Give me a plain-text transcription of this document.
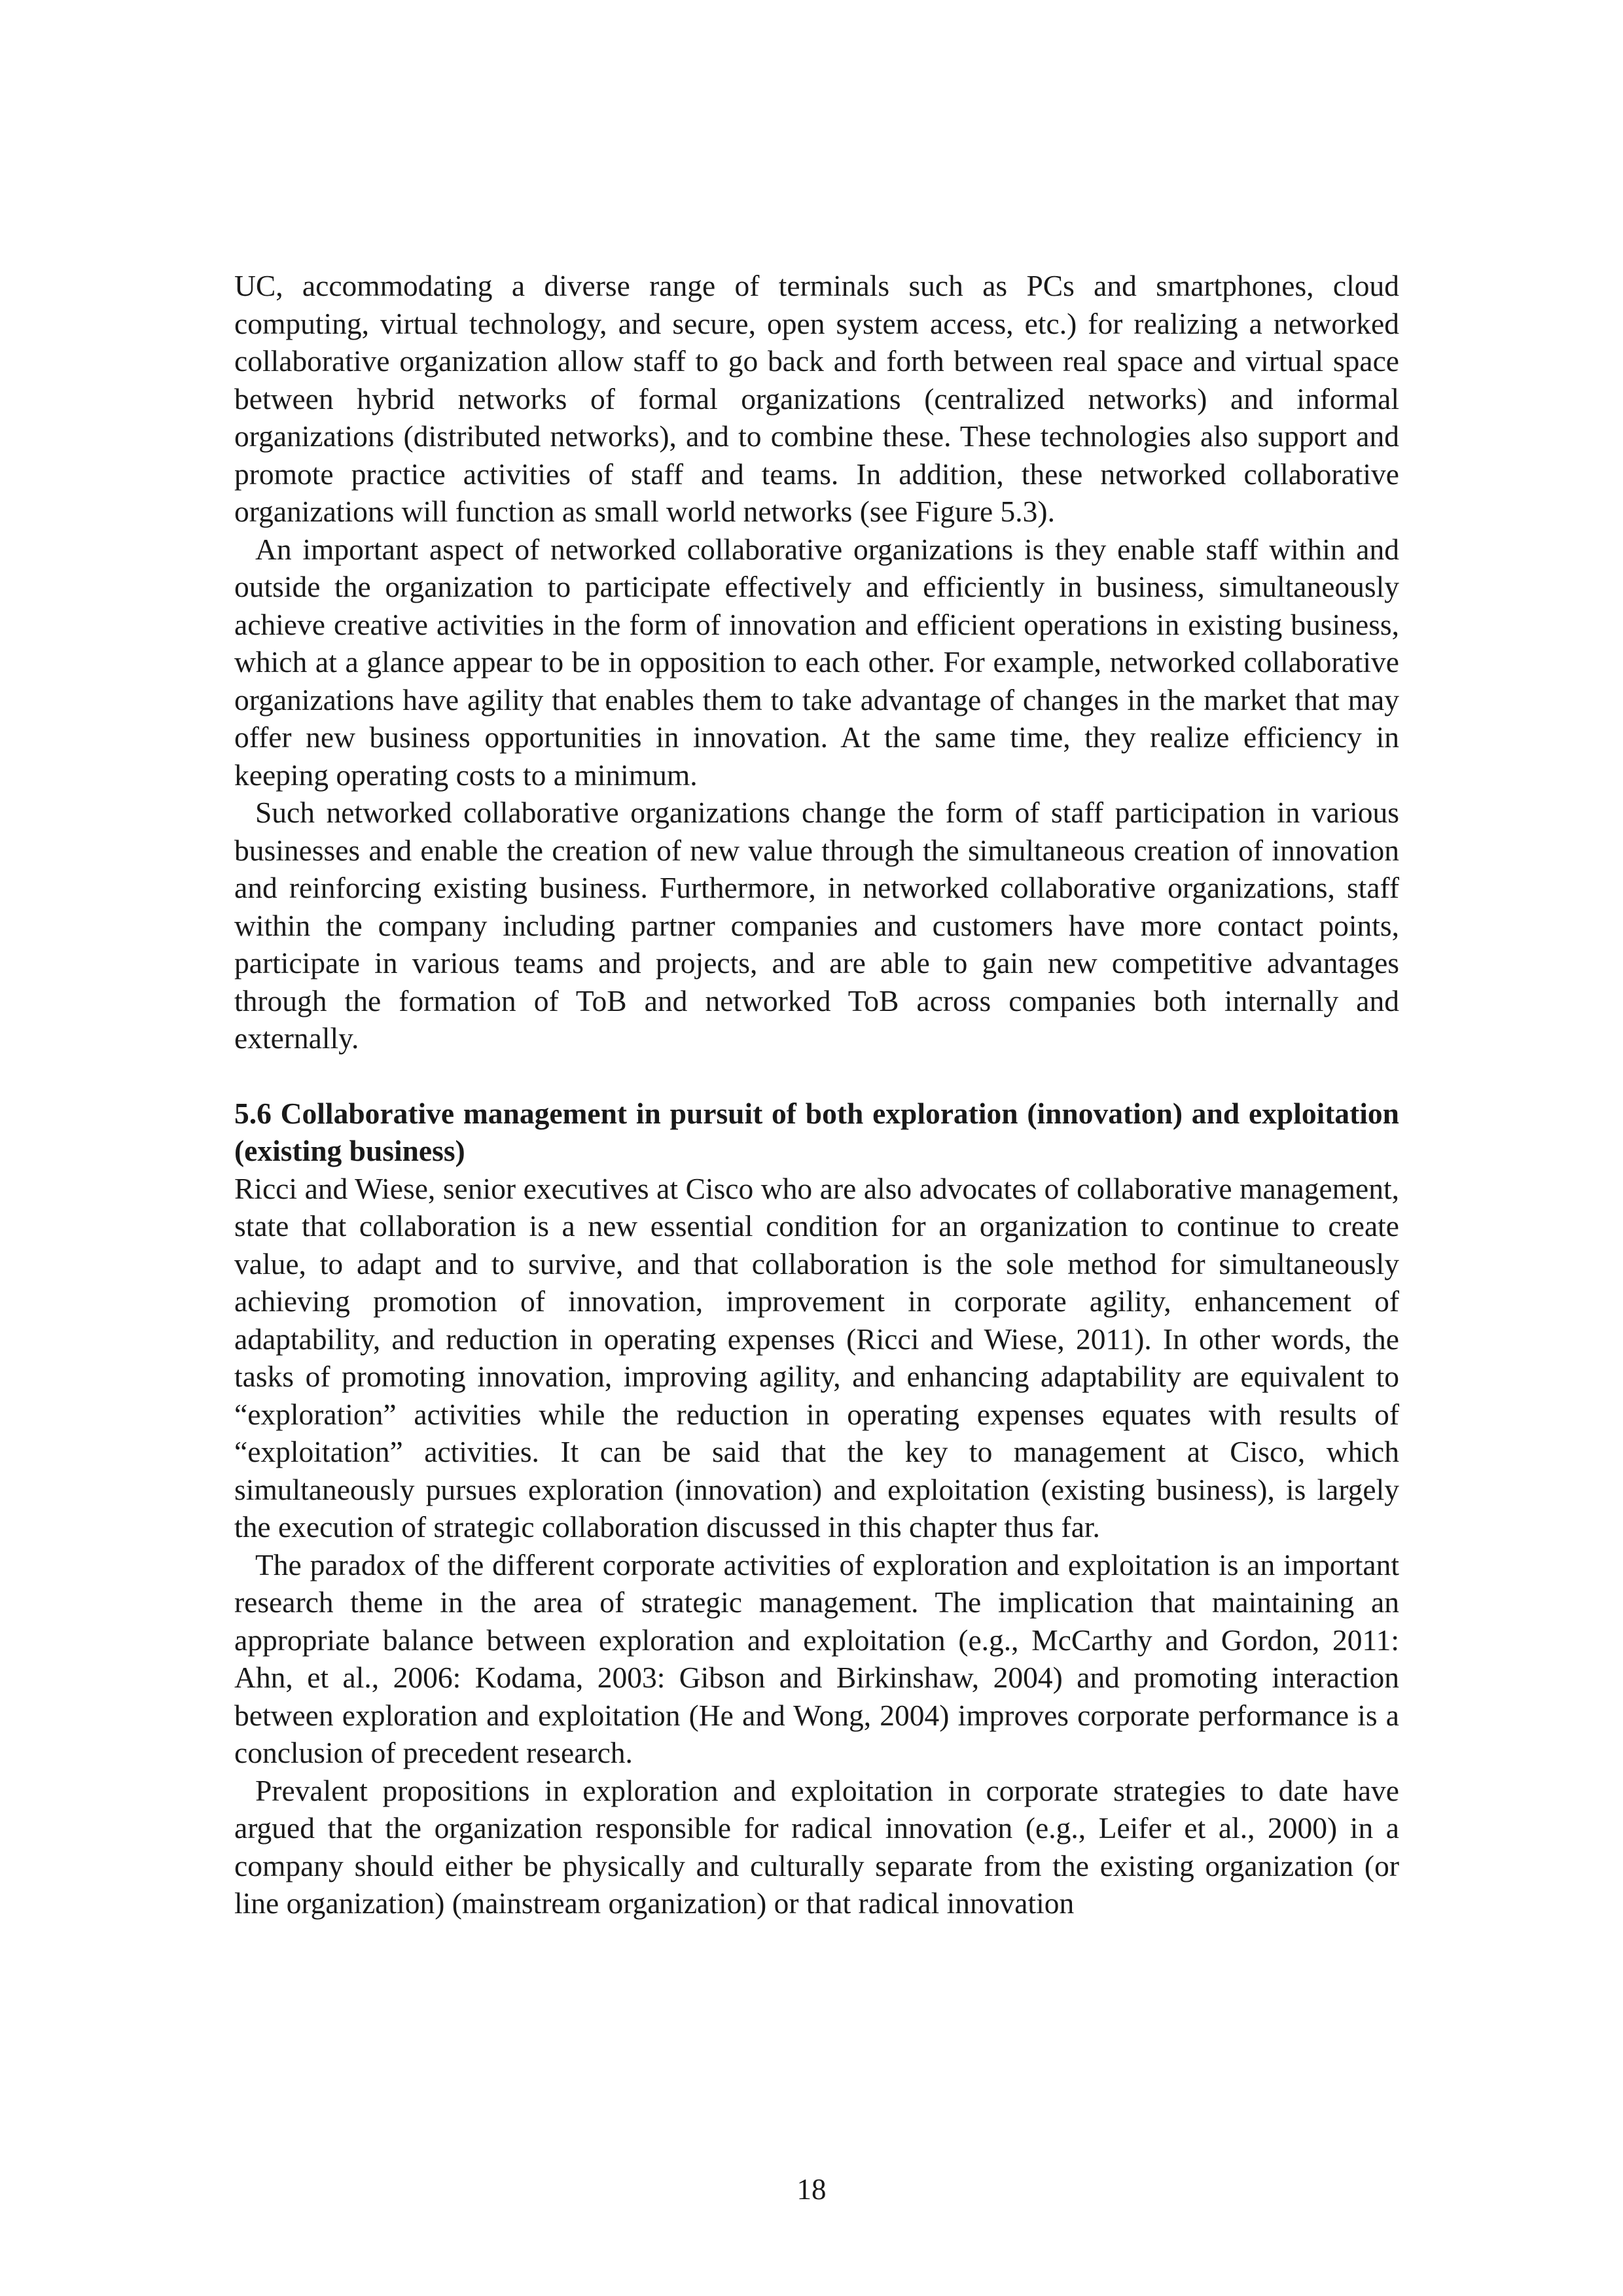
UC, accommodating a diverse range of terminals such as PCs and smartphones, cloud computing, virtual technology, and secure, open system access, etc.) for realizing a networked collaborative organization allow staff to go back and forth between real space and virtual space between hybrid networks of formal organizations (centralized networks) and informal organizations (distributed networks), and to combine these. These technologies also support and promote practice activities of staff and teams. In addition, these networked collaborative organizations will function as small world networks (see Figure 5.3).

An important aspect of networked collaborative organizations is they enable staff within and outside the organization to participate effectively and efficiently in business, simultaneously achieve creative activities in the form of innovation and efficient operations in existing business, which at a glance appear to be in opposition to each other. For example, networked collaborative organizations have agility that enables them to take advantage of changes in the market that may offer new business opportunities in innovation. At the same time, they realize efficiency in keeping operating costs to a minimum.

Such networked collaborative organizations change the form of staff participation in various businesses and enable the creation of new value through the simultaneous creation of innovation and reinforcing existing business. Furthermore, in networked collaborative organizations, staff within the company including partner companies and customers have more contact points, participate in various teams and projects, and are able to gain new competitive advantages through the formation of ToB and networked ToB across companies both internally and externally.

5.6 Collaborative management in pursuit of both exploration (innovation) and exploitation (existing business)

Ricci and Wiese, senior executives at Cisco who are also advocates of collaborative management, state that collaboration is a new essential condition for an organization to continue to create value, to adapt and to survive, and that collaboration is the sole method for simultaneously achieving promotion of innovation, improvement in corporate agility, enhancement of adaptability, and reduction in operating expenses (Ricci and Wiese, 2011). In other words, the tasks of promoting innovation, improving agility, and enhancing adaptability are equivalent to “exploration” activities while the reduction in operating expenses equates with results of “exploitation” activities. It can be said that the key to management at Cisco, which simultaneously pursues exploration (innovation) and exploitation (existing business), is largely the execution of strategic collaboration discussed in this chapter thus far.

The paradox of the different corporate activities of exploration and exploitation is an important research theme in the area of strategic management. The implication that maintaining an appropriate balance between exploration and exploitation (e.g., McCarthy and Gordon, 2011: Ahn, et al., 2006: Kodama, 2003: Gibson and Birkinshaw, 2004) and promoting interaction between exploration and exploitation (He and Wong, 2004) improves corporate performance is a conclusion of precedent research.

Prevalent propositions in exploration and exploitation in corporate strategies to date have argued that the organization responsible for radical innovation (e.g., Leifer et al., 2000) in a company should either be physically and culturally separate from the existing organization (or line organization) (mainstream organization) or that radical innovation

18
